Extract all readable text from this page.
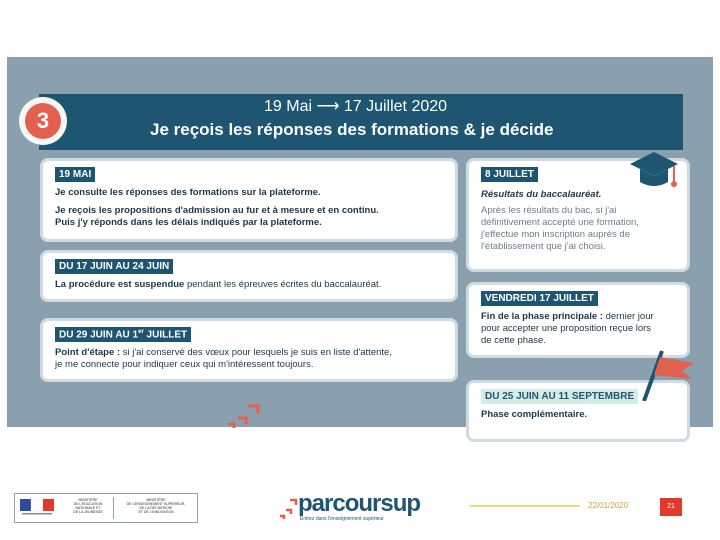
3
19 Mai ⟶ 17 Juillet 2020
Je reçois les réponses des formations & je décide
19 MAI
Je consulte les réponses des formations sur la plateforme.
Je reçois les propositions d'admission au fur et à mesure et en continu.
Puis j'y réponds dans les délais indiqués par la plateforme.
DU 17 JUIN AU 24 JUIN
La procédure est suspendue pendant les épreuves écrites du baccalauréat.
DU 29 JUIN AU 1er JUILLET
Point d'étape : si j'ai conservé des vœux pour lesquels je suis en liste d'attente,
je me connecte pour indiquer ceux qui m'intéressent toujours.
8 JUILLET
Résultats du baccalauréat.
Après les résultats du bac, si j'ai
définitivement accepté une formation,
j'effectue mon inscription auprès de
l'établissement que j'ai choisi.
VENDREDI 17 JUILLET
Fin de la phase principale : dernier jour
pour accepter une proposition reçue lors
de cette phase.
DU 25 JUIN AU 11 SEPTEMBRE
Phase complémentaire.
MINISTÈRE
DE L'ÉDUCATION
NATIONALE ET
DE LA JEUNESSE
MINISTÈRE
DE L'ENSEIGNEMENT SUPÉRIEUR,
DE LA RECHERCHE
ET DE L'INNOVATION	parcoursup
Entrez dans l'enseignement supérieur
22/01/2020	21
